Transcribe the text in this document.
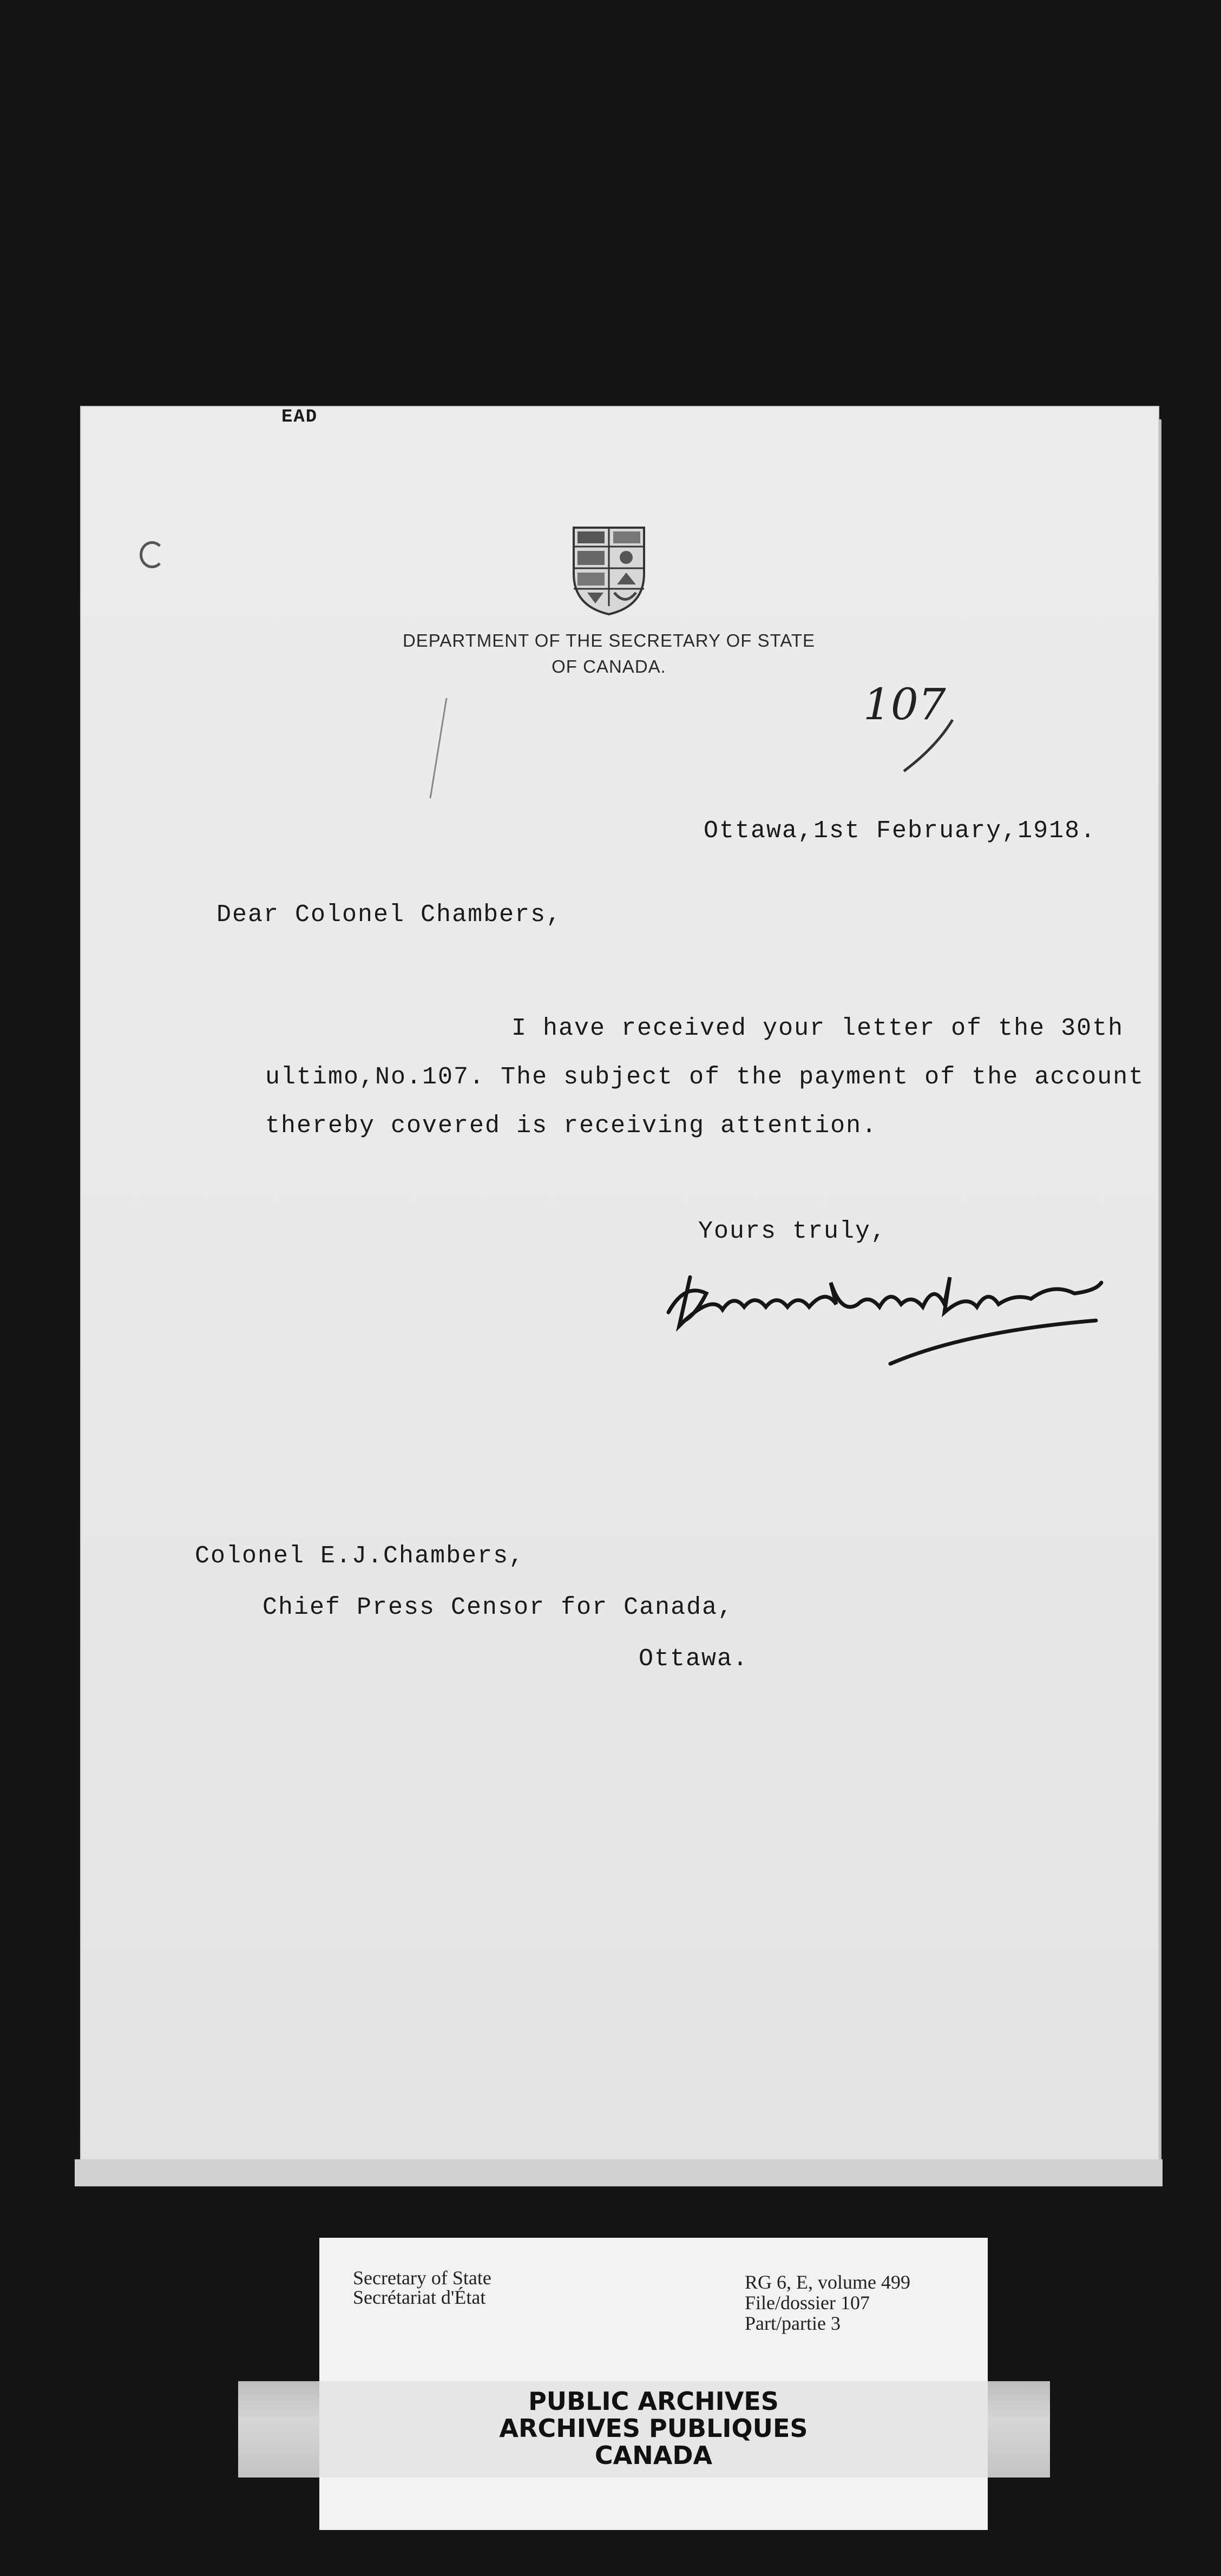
EAD
DEPARTMENT OF THE SECRETARY OF STATE
OF CANADA.
107
Ottawa,1st February,1918.
Dear Colonel Chambers,
I have received your letter of the 30th
ultimo,No.107. The subject of the payment of the account
thereby covered is receiving attention.
Yours truly,
Colonel E.J.Chambers,
Chief Press Censor for Canada,
Ottawa.
Secretary of State
Secrétariat d'État
RG 6, E, volume 499
File/dossier 107
Part/partie 3
PUBLIC ARCHIVES
ARCHIVES PUBLIQUES
CANADA
